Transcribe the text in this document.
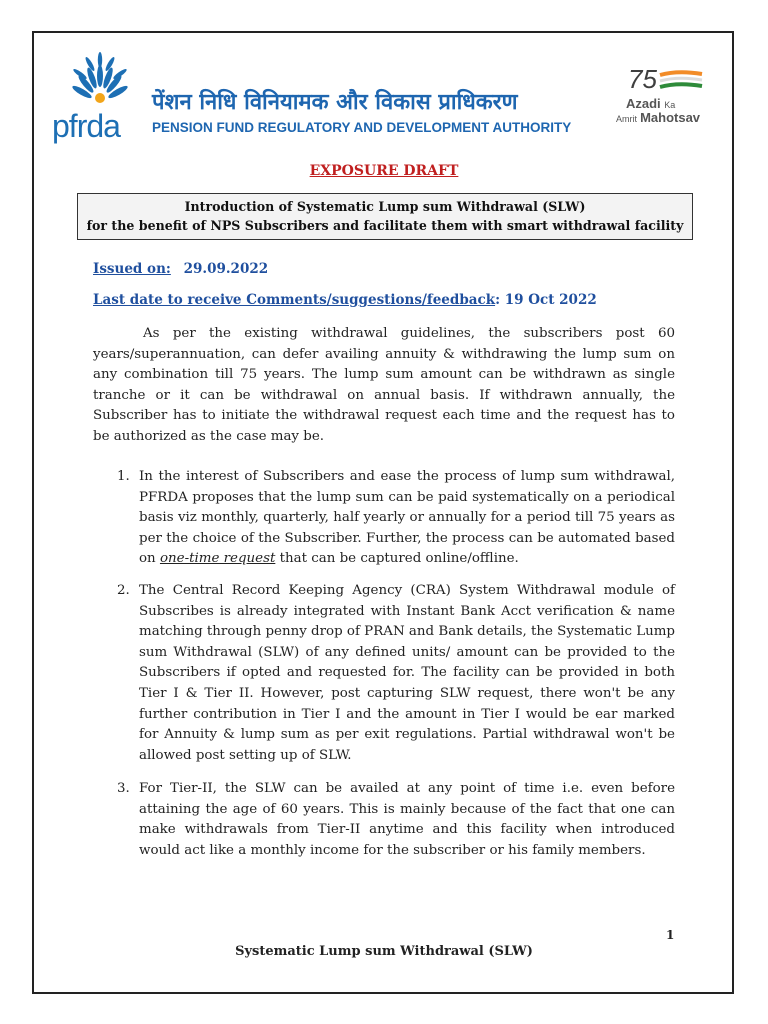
pfrda
पेंशन निधि विनियामक और विकास प्राधिकरण
PENSION FUND REGULATORY AND DEVELOPMENT AUTHORITY
75
Azadi Ka
Amrit Mahotsav
EXPOSURE DRAFT
Introduction of Systematic Lump sum Withdrawal (SLW)
for the benefit of NPS Subscribers and facilitate them with smart withdrawal facility
Issued on: 29.09.2022
Last date to receive Comments/suggestions/feedback: 19 Oct 2022
As per the existing withdrawal guidelines, the subscribers post 60 years/superannuation, can defer availing annuity & withdrawing the lump sum on any combination till 75 years. The lump sum amount can be withdrawn as single tranche or it can be withdrawal on annual basis. If withdrawn annually, the Subscriber has to initiate the withdrawal request each time and the request has to be authorized as the case may be.
1. In the interest of Subscribers and ease the process of lump sum withdrawal, PFRDA proposes that the lump sum can be paid systematically on a periodical basis viz monthly, quarterly, half yearly or annually for a period till 75 years as per the choice of the Subscriber. Further, the process can be automated based on one-time request that can be captured online/offline.
2. The Central Record Keeping Agency (CRA) System Withdrawal module of Subscribes is already integrated with Instant Bank Acct verification & name matching through penny drop of PRAN and Bank details, the Systematic Lump sum Withdrawal (SLW) of any defined units/ amount can be provided to the Subscribers if opted and requested for. The facility can be provided in both Tier I & Tier II. However, post capturing SLW request, there won't be any further contribution in Tier I and the amount in Tier I would be ear marked for Annuity & lump sum as per exit regulations. Partial withdrawal won't be allowed post setting up of SLW.
3. For Tier-II, the SLW can be availed at any point of time i.e. even before attaining the age of 60 years. This is mainly because of the fact that one can make withdrawals from Tier-II anytime and this facility when introduced would act like a monthly income for the subscriber or his family members.
1
Systematic Lump sum Withdrawal (SLW)
